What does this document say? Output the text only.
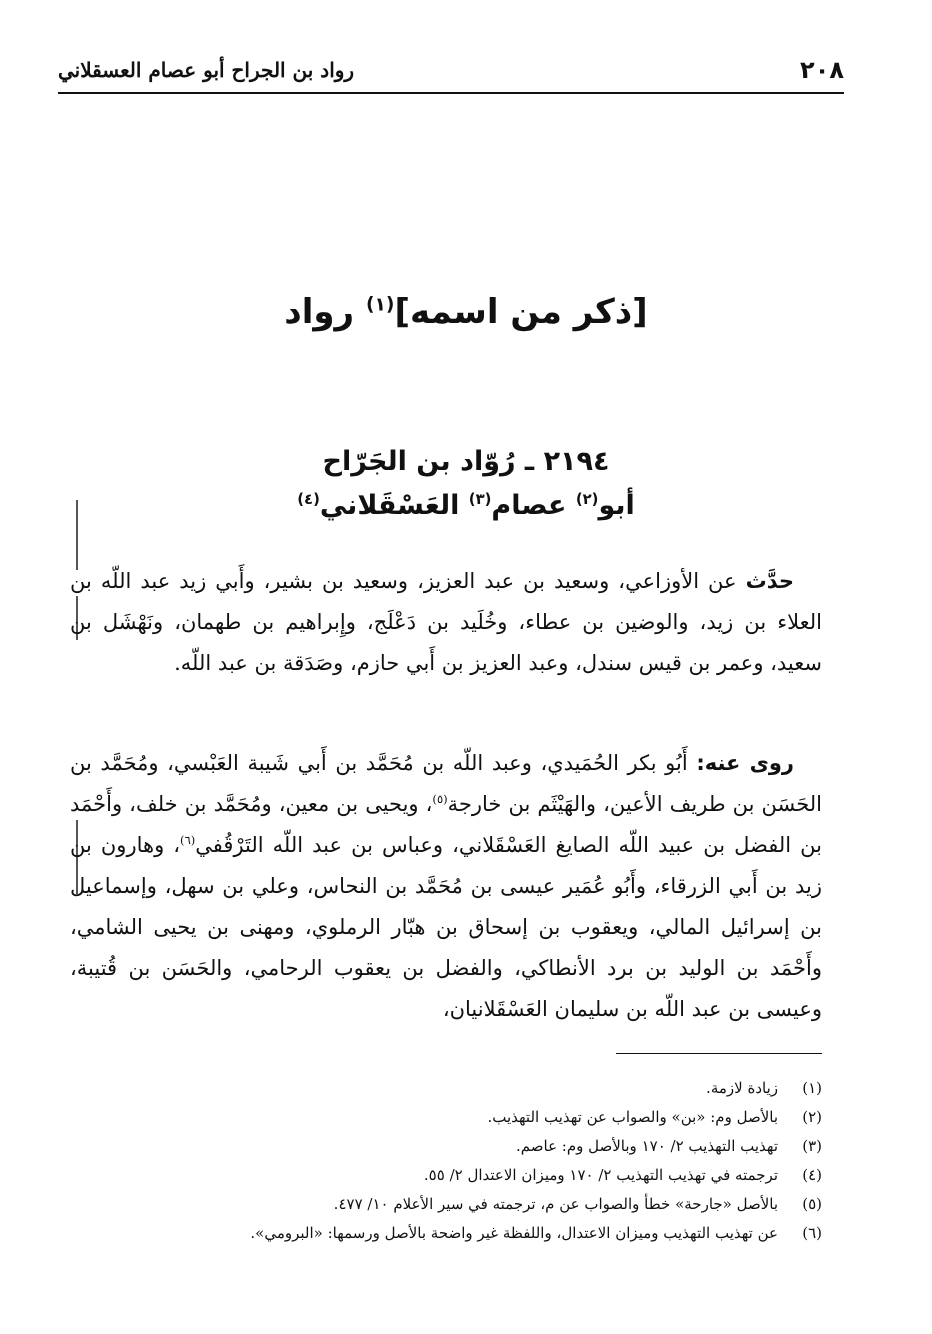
٢٠٨
رواد بن الجراح أبو عصام العسقلاني
[ذكر من اسمه]$^{(١)}$ رواد
٢١٩٤ ـ رُوّاد بن الجَرّاح
أبو$^{(٢)}$ عصام$^{(٣)}$ العَسْقَلاني$^{(٤)}$

حدَّث عن الأوزاعي، وسعيد بن عبد العزيز، وسعيد بن بشير، وأَبي زيد عبد اللّه بن العلاء بن زيد، والوضين بن عطاء، وخُلَيد بن دَعْلَج، وإِبراهيم بن طهمان، ونَهْشَل بن سعيد، وعمر بن قيس سندل، وعبد العزيز بن أَبي حازم، وصَدَقة بن عبد اللّه.

روى عنه: أَبُو بكر الحُمَيدي، وعبد اللّه بن مُحَمَّد بن أَبي شَيبة العَبْسي، ومُحَمَّد بن الحَسَن بن طريف الأعين، والهَيْثَم بن خارجة$^{(٥)}$، ويحيى بن معين، ومُحَمَّد بن خلف، وأَحْمَد بن الفضل بن عبيد اللّه الصايغ العَسْقَلاني، وعباس بن عبد اللّه التَرْقُفي$^{(٦)}$، وهارون بن زيد بن أَبي الزرقاء، وأَبُو عُمَير عيسى بن مُحَمَّد بن النحاس، وعلي بن سهل، وإسماعيل بن إسرائيل المالي، ويعقوب بن إسحاق بن هبّار الرملوي، ومهنى بن يحيى الشامي، وأَحْمَد بن الوليد بن برد الأنطاكي، والفضل بن يعقوب الرحامي، والحَسَن بن قُتيبة، وعيسى بن عبد اللّه بن سليمان العَسْقَلانيان،

(١)
زيادة لازمة.
(٢)
بالأصل وم: «بن» والصواب عن تهذيب التهذيب.
(٣)
تهذيب التهذيب ٢/ ١٧٠ وبالأصل وم: عاصم.
(٤)
ترجمته في تهذيب التهذيب ٢/ ١٧٠ وميزان الاعتدال ٢/ ٥٥.
(٥)
بالأصل «جارحة» خطأ والصواب عن م، ترجمته في سير الأعلام ١٠/ ٤٧٧.
(٦)
عن تهذيب التهذيب وميزان الاعتدال، واللفظة غير واضحة بالأصل ورسمها: «البرومي».
